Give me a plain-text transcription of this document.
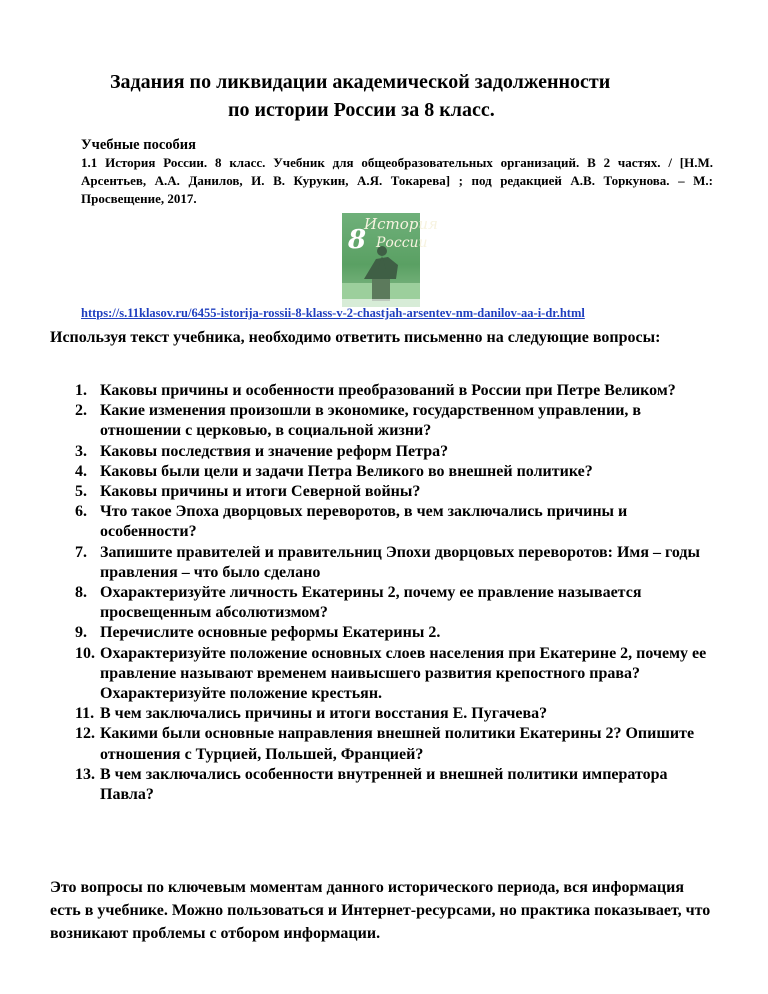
Задания по ликвидации академической задолженности
по истории России за 8 класс.

Учебные пособия

1.1 История России. 8 класс. Учебник для общеобразовательных организаций. В 2 частях. / [Н.М. Арсентьев, А.А. Данилов, И. В. Курукин, А.Я. Токарева] ; под редакцией А.В. Торкунова. – М.: Просвещение, 2017.

История
8 России
https://s.11klasov.ru/6455-istorija-rossii-8-klass-v-2-chastjah-arsentev-nm-danilov-aa-i-dr.html

Используя текст учебника, необходимо ответить письменно на следующие вопросы:

1. Каковы причины и особенности преобразований в России при Петре Великом?
2. Какие изменения произошли в экономике, государственном управлении, в отношении с церковью, в социальной жизни?
3. Каковы последствия и значение реформ Петра?
4. Каковы были цели и задачи Петра Великого во внешней политике?
5. Каковы причины и итоги Северной войны?
6. Что такое Эпоха дворцовых переворотов, в чем заключались причины и особенности?
7. Запишите правителей и правительниц Эпохи дворцовых переворотов: Имя – годы правления – что было сделано
8. Охарактеризуйте личность Екатерины 2, почему ее правление называется просвещенным абсолютизмом?
9. Перечислите основные реформы Екатерины 2.
10. Охарактеризуйте положение основных слоев населения при Екатерине 2, почему ее правление называют временем наивысшего развития крепостного права? Охарактеризуйте положение крестьян.
11. В чем заключались причины и итоги восстания Е. Пугачева?
12. Какими были основные направления внешней политики Екатерины 2? Опишите отношения с Турцией, Польшей, Францией?
13. В чем заключались особенности внутренней и внешней политики императора Павла?

Это вопросы по ключевым моментам данного исторического периода, вся информация есть в учебнике. Можно пользоваться и Интернет-ресурсами, но практика показывает, что возникают проблемы с отбором информации.
